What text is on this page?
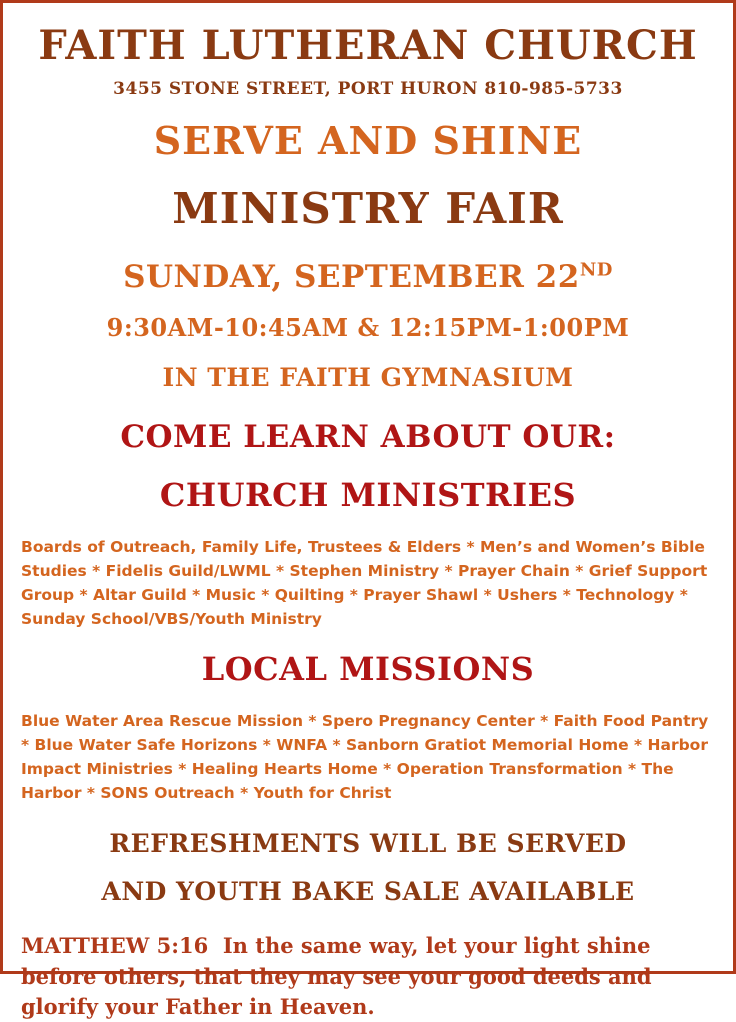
FAITH LUTHERAN CHURCH
3455 STONE STREET, PORT HURON 810-985-5733
SERVE AND SHINE
MINISTRY FAIR
SUNDAY, SEPTEMBER 22ND
9:30AM-10:45AM & 12:15PM-1:00PM
IN THE FAITH GYMNASIUM
COME LEARN ABOUT OUR:
CHURCH MINISTRIES
Boards of Outreach, Family Life, Trustees & Elders * Men’s and Women’s Bible Studies * Fidelis Guild/LWML * Stephen Ministry * Prayer Chain * Grief Support Group * Altar Guild * Music * Quilting * Prayer Shawl * Ushers * Technology * Sunday School/VBS/Youth Ministry
LOCAL MISSIONS
Blue Water Area Rescue Mission * Spero Pregnancy Center * Faith Food Pantry * Blue Water Safe Horizons * WNFA * Sanborn Gratiot Memorial Home * Harbor Impact Ministries * Healing Hearts Home * Operation Transformation * The Harbor * SONS Outreach * Youth for Christ
REFRESHMENTS WILL BE SERVED
AND YOUTH BAKE SALE AVAILABLE
MATTHEW 5:16 In the same way, let your light shine before others, that they may see your good deeds and glorify your Father in Heaven.
